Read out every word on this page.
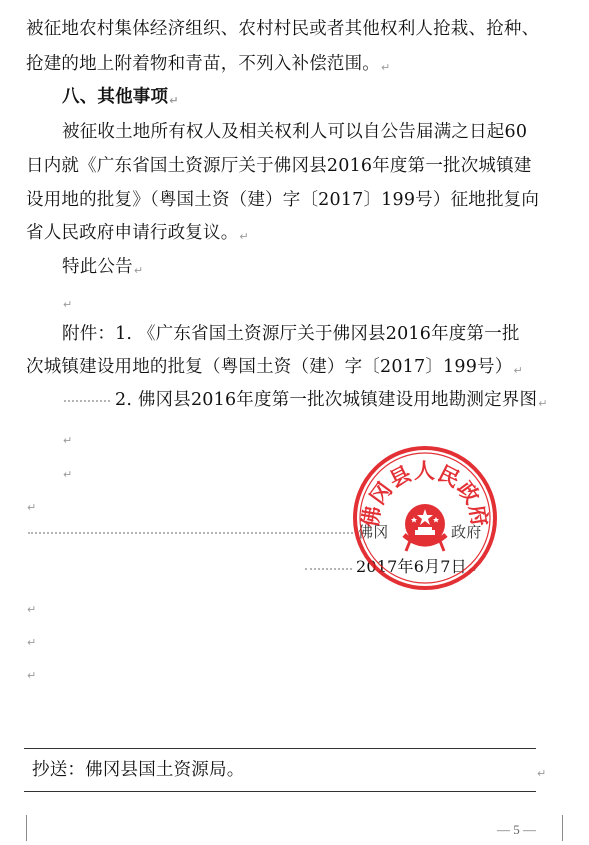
被征地农村集体经济组织、农村村民或者其他权利人抢栽、抢种、
抢建的地上附着物和青苗，不列入补偿范围。↵
八、其他事项↵
被征收土地所有权人及相关权利人可以自公告届满之日起60
日内就《广东省国土资源厅关于佛冈县2016年度第一批次城镇建
设用地的批复》（粤国土资（建）字〔2017〕199号）征地批复向
省人民政府申请行政复议。↵
特此公告↵
↵
附件：1. 《广东省国土资源厅关于佛冈县2016年度第一批
次城镇建设用地的批复（粤国土资（建）字〔2017〕199号）↵
2. 佛冈县2016年度第一批次城镇建设用地勘测定界图↵
↵
↵
↵
佛冈	政府
2017年6月7日↵
↵
↵
↵
佛冈县人民政府
抄送：佛冈县国土资源局。	↵
— 5 —
